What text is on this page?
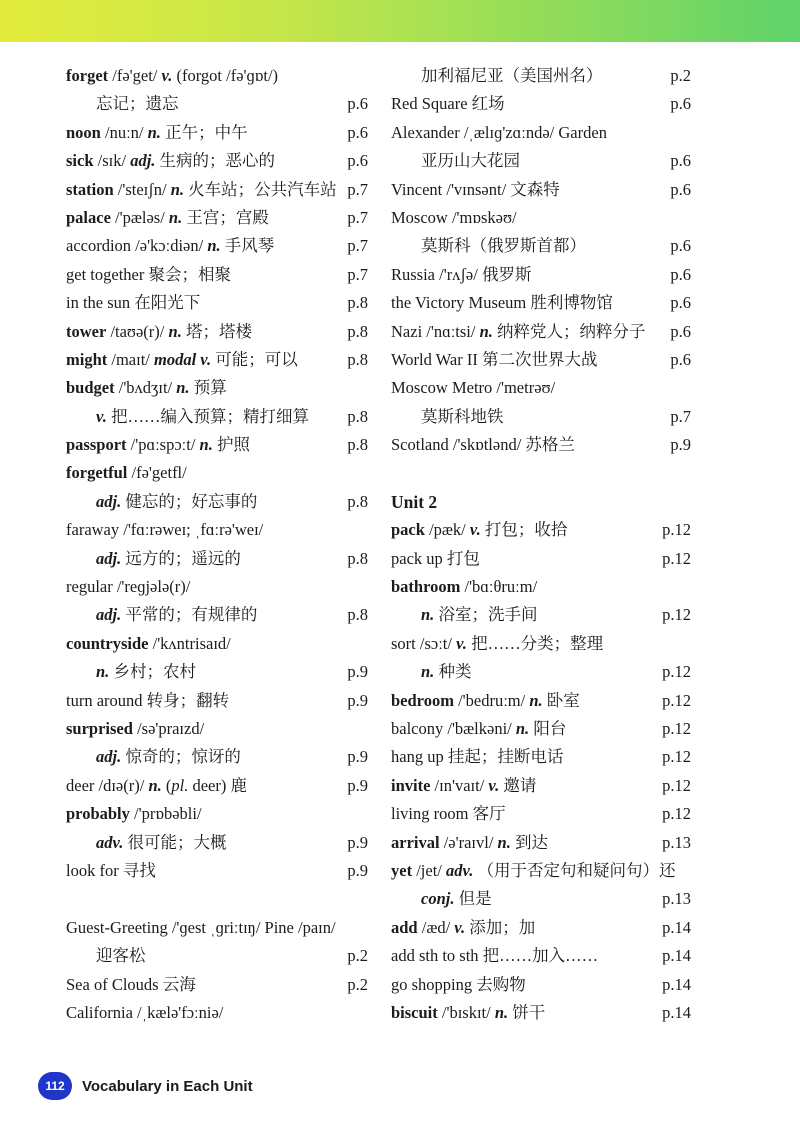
forget /fə'get/ v. (forgot /fə'ɡɒt/)
忘记；遗忘	p.6
noon /nuːn/ n. 正午；中午	p.6
sick /sɪk/ adj. 生病的；恶心的	p.6
station /'steɪʃn/ n. 火车站；公共汽车站 p.7
palace /'pæləs/ n. 王宫；宫殿	p.7
accordion /ə'kɔːdiən/ n. 手风琴	p.7
get together 聚会；相聚	p.7
in the sun 在阳光下	p.8
tower /taʊə(r)/ n. 塔；塔楼	p.8
might /maɪt/ modal v. 可能；可以	p.8
budget /'bʌdʒɪt/ n. 预算
v. 把……编入预算；精打细算 p.8
passport /'pɑːspɔːt/ n. 护照	p.8
forgetful /fə'getfl/
adj. 健忘的；好忘事的	p.8
faraway /'fɑːrəweɪ; ˌfɑːrə'weɪ/
adj. 远方的；遥远的	p.8
regular /'reɡjələ(r)/
adj. 平常的；有规律的	p.8
countryside /'kʌntrisaɪd/
n. 乡村；农村	p.9
turn around 转身；翻转	p.9
surprised /sə'praɪzd/
adj. 惊奇的；惊讶的	p.9
deer /dɪə(r)/ n. (pl. deer) 鹿	p.9
probably /'prɒbəbli/
adv. 很可能；大概	p.9
look for 寻找	p.9
Guest-Greeting /'ɡest ˌɡriːtɪŋ/ Pine /paɪn/
迎客松	p.2
Sea of Clouds 云海	p.2
California /ˌkælə'fɔːniə/
加利福尼亚（美国州名）	p.2
Red Square 红场	p.6
Alexander /ˌælɪɡ'zɑːndə/ Garden
亚历山大花园	p.6
Vincent /'vɪnsənt/ 文森特	p.6
Moscow /'mɒskəʊ/
莫斯科（俄罗斯首都）	p.6
Russia /'rʌʃə/ 俄罗斯	p.6
the Victory Museum 胜利博物馆	p.6
Nazi /'nɑːtsi/ n. 纳粹党人；纳粹分子 p.6
World War II 第二次世界大战	p.6
Moscow Metro /'metrəʊ/
莫斯科地铁	p.7
Scotland /'skɒtlənd/ 苏格兰	p.9
Unit 2
pack /pæk/ v. 打包；收拾	p.12
pack up 打包	p.12
bathroom /'bɑːθruːm/
n. 浴室；洗手间	p.12
sort /sɔːt/ v. 把……分类；整理
n. 种类	p.12
bedroom /'bedruːm/ n. 卧室	p.12
balcony /'bælkəni/ n. 阳台	p.12
hang up 挂起；挂断电话	p.12
invite /ɪn'vaɪt/ v. 邀请	p.12
living room 客厅	p.12
arrival /ə'raɪvl/ n. 到达	p.13
yet /jet/ adv. （用于否定句和疑问句）还
conj. 但是	p.13
add /æd/ v. 添加；加	p.14
add sth to sth 把……加入……	p.14
go shopping 去购物	p.14
biscuit /'bɪskɪt/ n. 饼干	p.14
112	Vocabulary in Each Unit
